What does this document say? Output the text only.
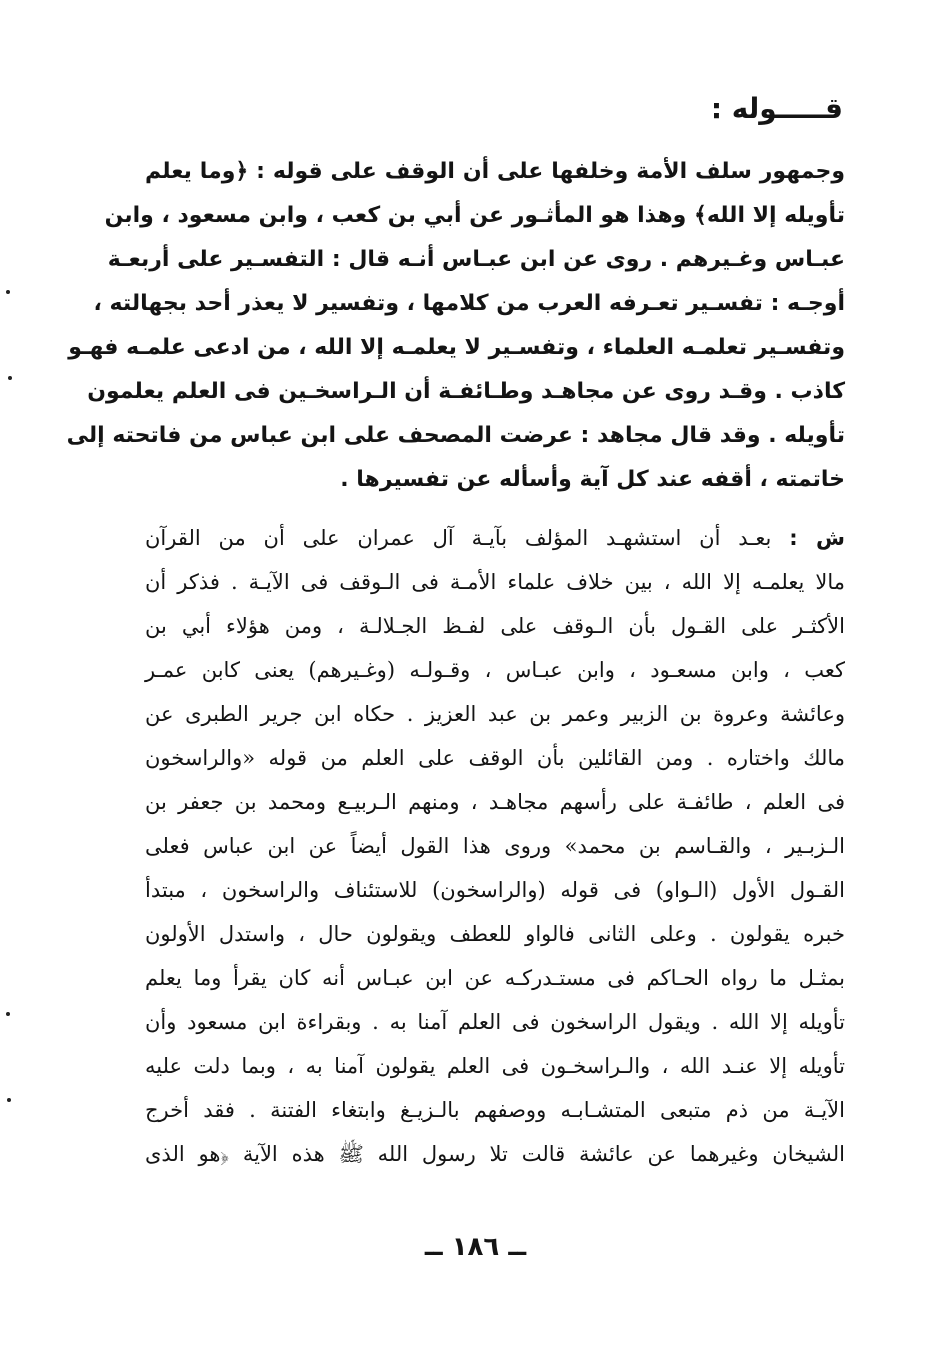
قـــــوله :
وجمهور سلف الأمة وخلفها على أن الوقف على قوله : ﴿وما يعلم
تأويله إلا الله﴾ وهذا هو المأثـور عن أبي بن كعب ، وابن مسعود ، وابن
عبـاس وغـيرهم . روى عن ابن عبـاس أنـه قال : التفسـير على أربعـة
أوجـه : تفسـير تعـرفه العرب من كلامها ، وتفسير لا يعذر أحد بجهالته ،
وتفسـير تعلمـه العلماء ، وتفسـير لا يعلمـه إلا الله ، من ادعى علمـه فهـو
كاذب . وقـد روى عن مجاهـد وطـائفـة أن الـراسخـين فى العلم يعلمون
تأويله . وقد قال مجاهد : عرضت المصحف على ابن عباس من فاتحته إلى
خاتمته ، أقفه عند كل آية وأسأله عن تفسيرها .
ش : بعـد أن استشهـد المؤلف بآيـة آل عمران على أن من القرآن
مالا يعلمـه إلا الله ، بين خلاف علماء الأمـة فى الـوقف فى الآيـة . فذكر أن
الأكثـر على القـول بأن الـوقف على لفـظ الجـلالـة ، ومن هؤلاء أبي بن
كعب ، وابن مسعـود ، وابن عبـاس ، وقـولـه (وغـيرهم) يعنى كابن عمـر
وعائشة وعروة بن الزبير وعمر بن عبد العزيز . حكاه ابن جرير الطبرى عن
مالك واختاره . ومن القائلين بأن الوقف على العلم من قوله «والراسخون
فى العلم ، طائفـة على رأسهم مجاهـد ، ومنهم الـربيـع ومحمد بن جعفر بن
الـزبـير ، والقـاسم بن محمد» وروى هذا القول أيضاً عن ابن عباس فعلى
القـول الأول (الـواو) فى قوله (والراسخون) للاستئناف والراسخون ، مبتدأ
خبره يقولون . وعلى الثانى فالواو للعطف ويقولون حال ، واستدل الأولون
بمثـل ما رواه الحـاكم فى مستـدركـه عن ابن عبـاس أنه كان يقرأ وما يعلم
تأويله إلا الله . ويقول الراسخون فى العلم آمنا به . وبقراءة ابن مسعود وأن
تأويله إلا عنـد الله ، والـراسخـون فى العلم يقولون آمنا به ، وبما دلت عليه
الآيـة من ذم متبعى المتشـابـه ووصفهم بالـزيـغ وابتغاء الفتنة . فقد أخرج
الشيخان وغيرهما عن عائشة قالت تلا رسول الله ﷺ هذه الآية ﴿هو الذى
ــ ١٨٦ ــ
